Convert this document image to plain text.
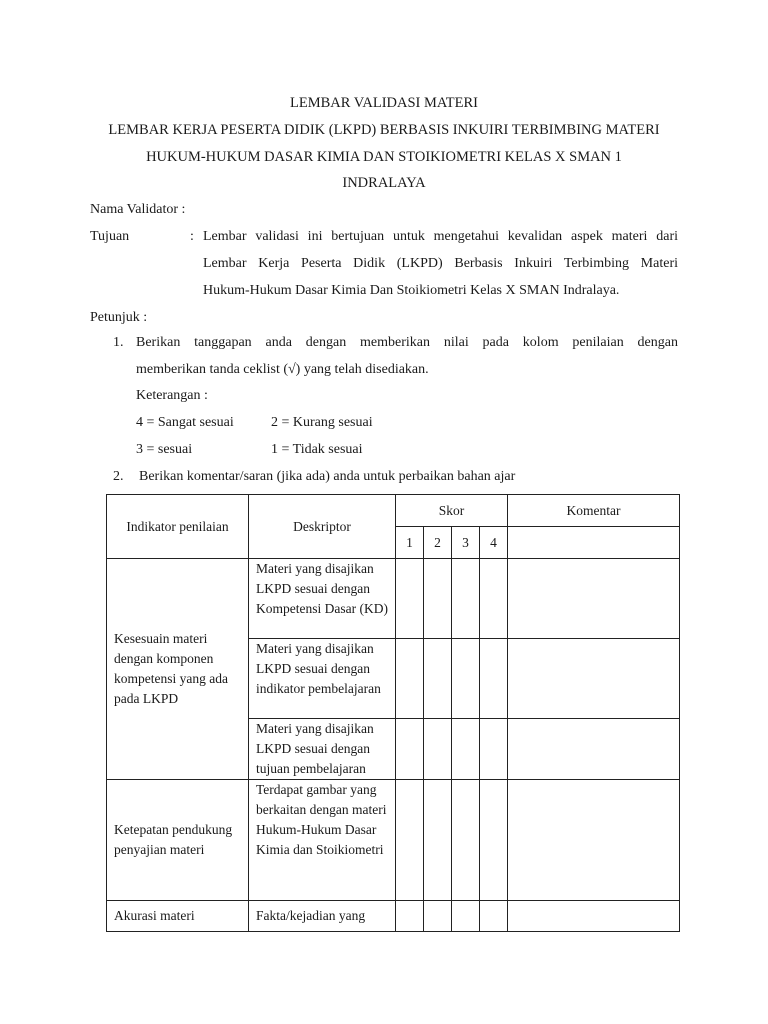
LEMBAR VALIDASI MATERI
LEMBAR KERJA PESERTA DIDIK (LKPD) BERBASIS INKUIRI TERBIMBING MATERI
HUKUM-HUKUM DASAR KIMIA DAN STOIKIOMETRI KELAS X SMAN 1
INDRALAYA
Nama Validator :
Tujuan	: Lembar validasi ini bertujuan untuk mengetahui kevalidan aspek materi dari
Lembar Kerja Peserta Didik (LKPD) Berbasis Inkuiri Terbimbing Materi
Hukum-Hukum Dasar Kimia Dan Stoikiometri Kelas X SMAN Indralaya.
Petunjuk :
1. Berikan tanggapan anda dengan memberikan nilai pada kolom penilaian dengan
memberikan tanda ceklist (√) yang telah disediakan.
Keterangan :
4 = Sangat sesuai	2 = Kurang sesuai
3 = sesuai	1 = Tidak sesuai
2. Berikan komentar/saran (jika ada) anda untuk perbaikan bahan ajar
Indikator penilaian	Deskriptor	Skor				Komentar
		1	2	3	4	
Kesesuain materi dengan komponen kompetensi yang ada pada LKPD	Materi yang disajikan LKPD sesuai dengan Kompetensi Dasar (KD)					
	Materi yang disajikan LKPD sesuai dengan indikator pembelajaran					
	Materi yang disajikan LKPD sesuai dengan tujuan pembelajaran					
Ketepatan pendukung penyajian materi	Terdapat gambar yang berkaitan dengan materi Hukum-Hukum Dasar Kimia dan Stoikiometri					
Akurasi materi	Fakta/kejadian yang					
